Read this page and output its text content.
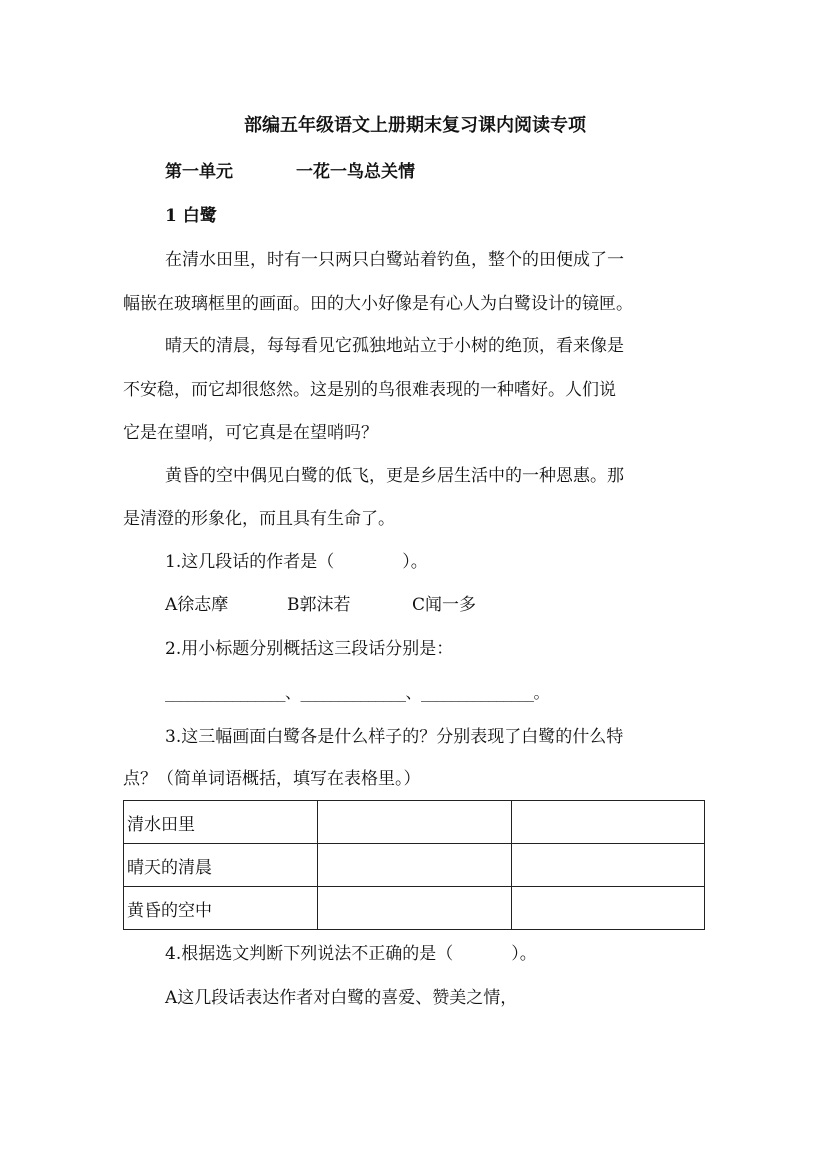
部编五年级语文上册期末复习课内阅读专项

第一单元	一花一鸟总关情

1 白鹭

在清水田里，时有一只两只白鹭站着钓鱼，整个的田便成了一

幅嵌在玻璃框里的画面。田的大小好像是有心人为白鹭设计的镜匣。

晴天的清晨，每每看见它孤独地站立于小树的绝顶，看来像是

不安稳，而它却很悠然。这是别的鸟很难表现的一种嗜好。人们说

它是在望哨，可它真是在望哨吗？

黄昏的空中偶见白鹭的低飞，更是乡居生活中的一种恩惠。那

是清澄的形象化，而且具有生命了。

1.这几段话的作者是（	）。

A徐志摩	B郭沫若	C闻一多

2.用小标题分别概括这三段话分别是：

________________、______________、_______________。

3.这三幅画面白鹭各是什么样子的？分别表现了白鹭的什么特

点？（简单词语概括，填写在表格里。）

清水田里		
晴天的清晨		
黄昏的空中		

4.根据选文判断下列说法不正确的是（	）。

A这几段话表达作者对白鹭的喜爱、赞美之情，
